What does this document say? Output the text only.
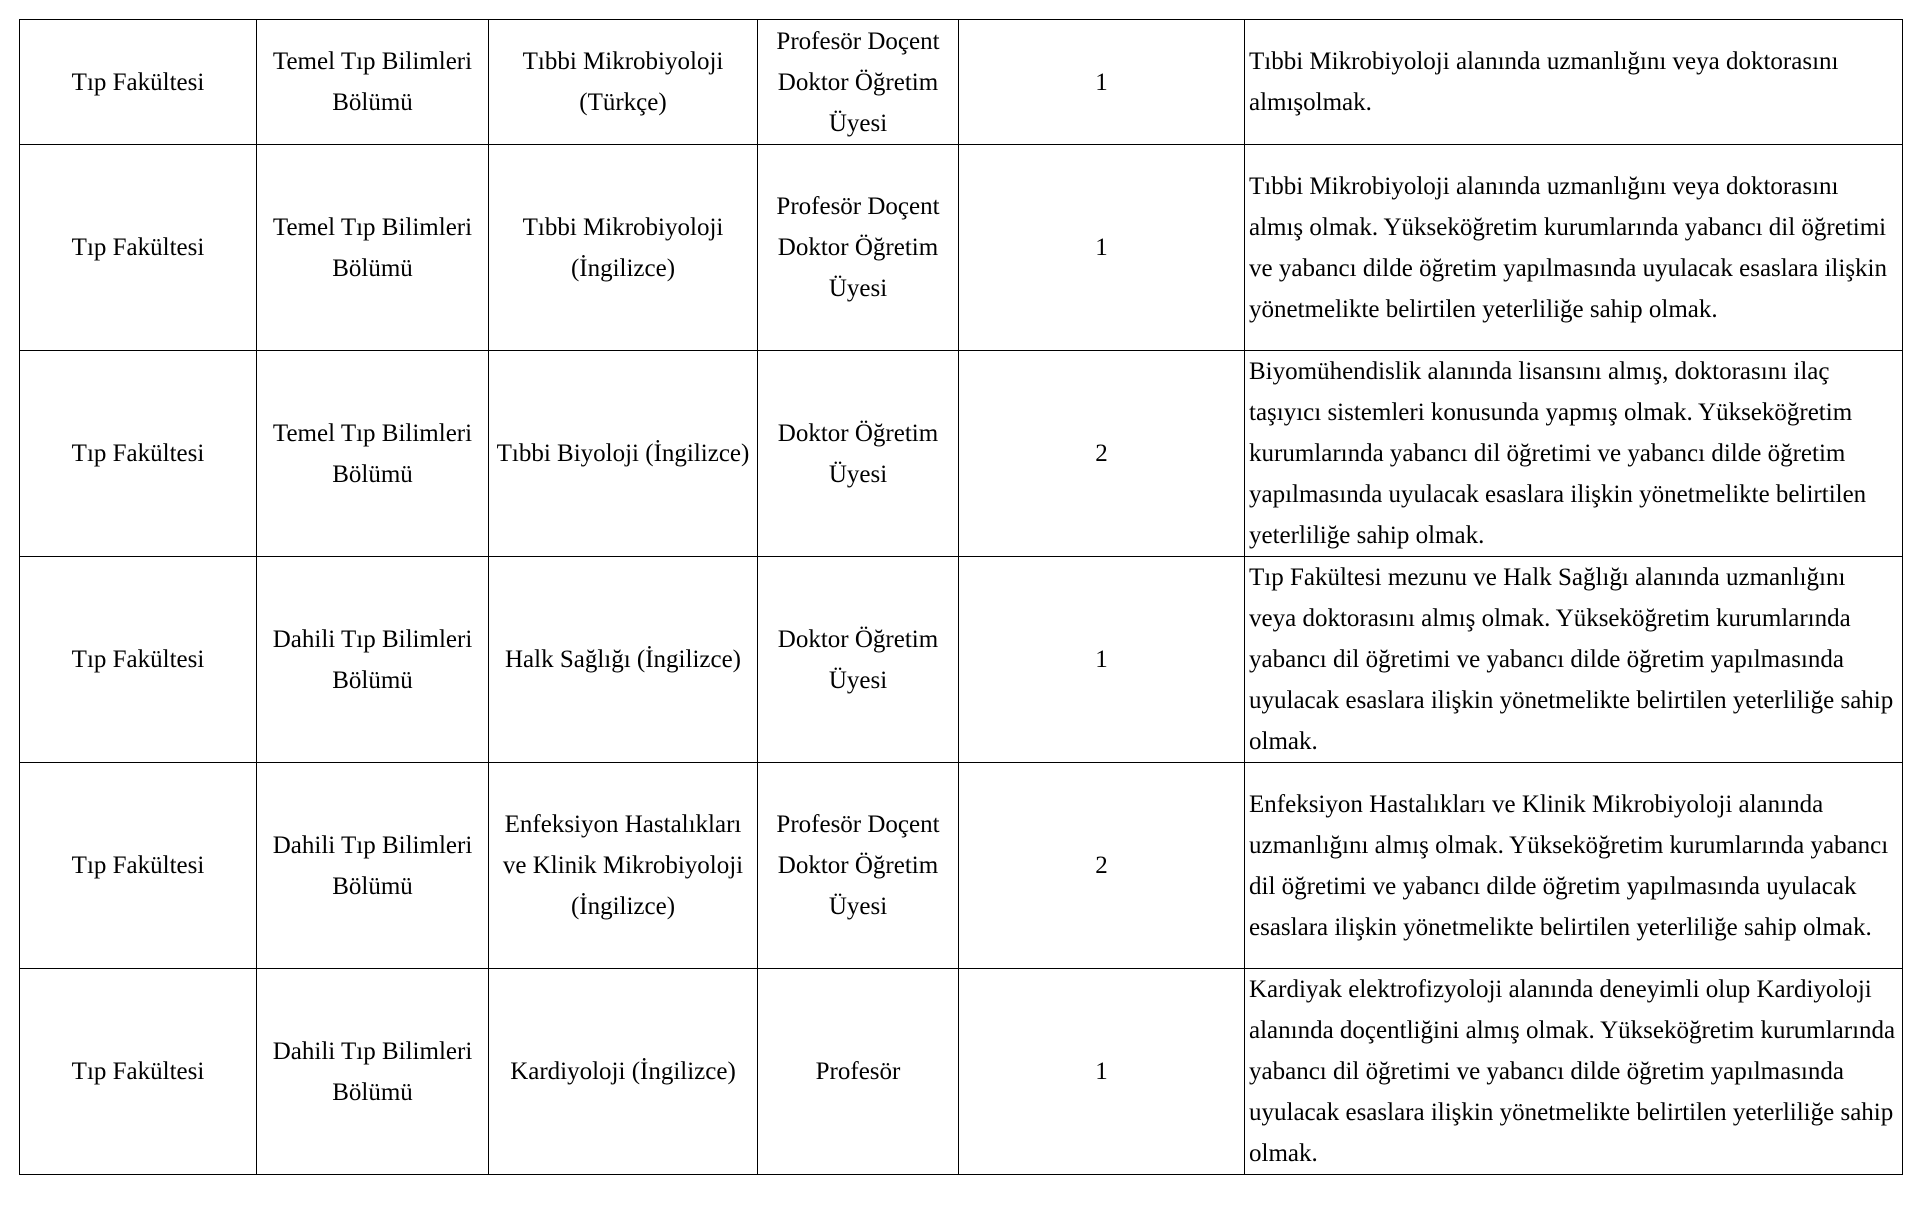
Tıp Fakültesi	Temel Tıp Bilimleri Bölümü	Tıbbi Mikrobiyoloji (Türkçe)	Profesör Doçent Doktor Öğretim Üyesi	1	Tıbbi Mikrobiyoloji alanında uzmanlığını veya doktorasını almışolmak.
Tıp Fakültesi	Temel Tıp Bilimleri Bölümü	Tıbbi Mikrobiyoloji (İngilizce)	Profesör Doçent Doktor Öğretim Üyesi	1	Tıbbi Mikrobiyoloji alanında uzmanlığını veya doktorasını almış olmak. Yükseköğretim kurumlarında yabancı dil öğretimi ve yabancı dilde öğretim yapılmasında uyulacak esaslara ilişkin yönetmelikte belirtilen yeterliliğe sahip olmak.
Tıp Fakültesi	Temel Tıp Bilimleri Bölümü	Tıbbi Biyoloji (İngilizce)	Doktor Öğretim Üyesi	2	Biyomühendislik alanında lisansını almış, doktorasını ilaç taşıyıcı sistemleri konusunda yapmış olmak. Yükseköğretim kurumlarında yabancı dil öğretimi ve yabancı dilde öğretim yapılmasında uyulacak esaslara ilişkin yönetmelikte belirtilen yeterliliğe sahip olmak.
Tıp Fakültesi	Dahili Tıp Bilimleri Bölümü	Halk Sağlığı (İngilizce)	Doktor Öğretim Üyesi	1	Tıp Fakültesi mezunu ve Halk Sağlığı alanında uzmanlığını veya doktorasını almış olmak. Yükseköğretim kurumlarında yabancı dil öğretimi ve yabancı dilde öğretim yapılmasında uyulacak esaslara ilişkin yönetmelikte belirtilen yeterliliğe sahip olmak.
Tıp Fakültesi	Dahili Tıp Bilimleri Bölümü	Enfeksiyon Hastalıkları ve Klinik Mikrobiyoloji (İngilizce)	Profesör Doçent Doktor Öğretim Üyesi	2	Enfeksiyon Hastalıkları ve Klinik Mikrobiyoloji alanında uzmanlığını almış olmak. Yükseköğretim kurumlarında yabancı dil öğretimi ve yabancı dilde öğretim yapılmasında uyulacak esaslara ilişkin yönetmelikte belirtilen yeterliliğe sahip olmak.
Tıp Fakültesi	Dahili Tıp Bilimleri Bölümü	Kardiyoloji (İngilizce)	Profesör	1	Kardiyak elektrofizyoloji alanında deneyimli olup Kardiyoloji alanında doçentliğini almış olmak. Yükseköğretim kurumlarında yabancı dil öğretimi ve yabancı dilde öğretim yapılmasında uyulacak esaslara ilişkin yönetmelikte belirtilen yeterliliğe sahip olmak.
